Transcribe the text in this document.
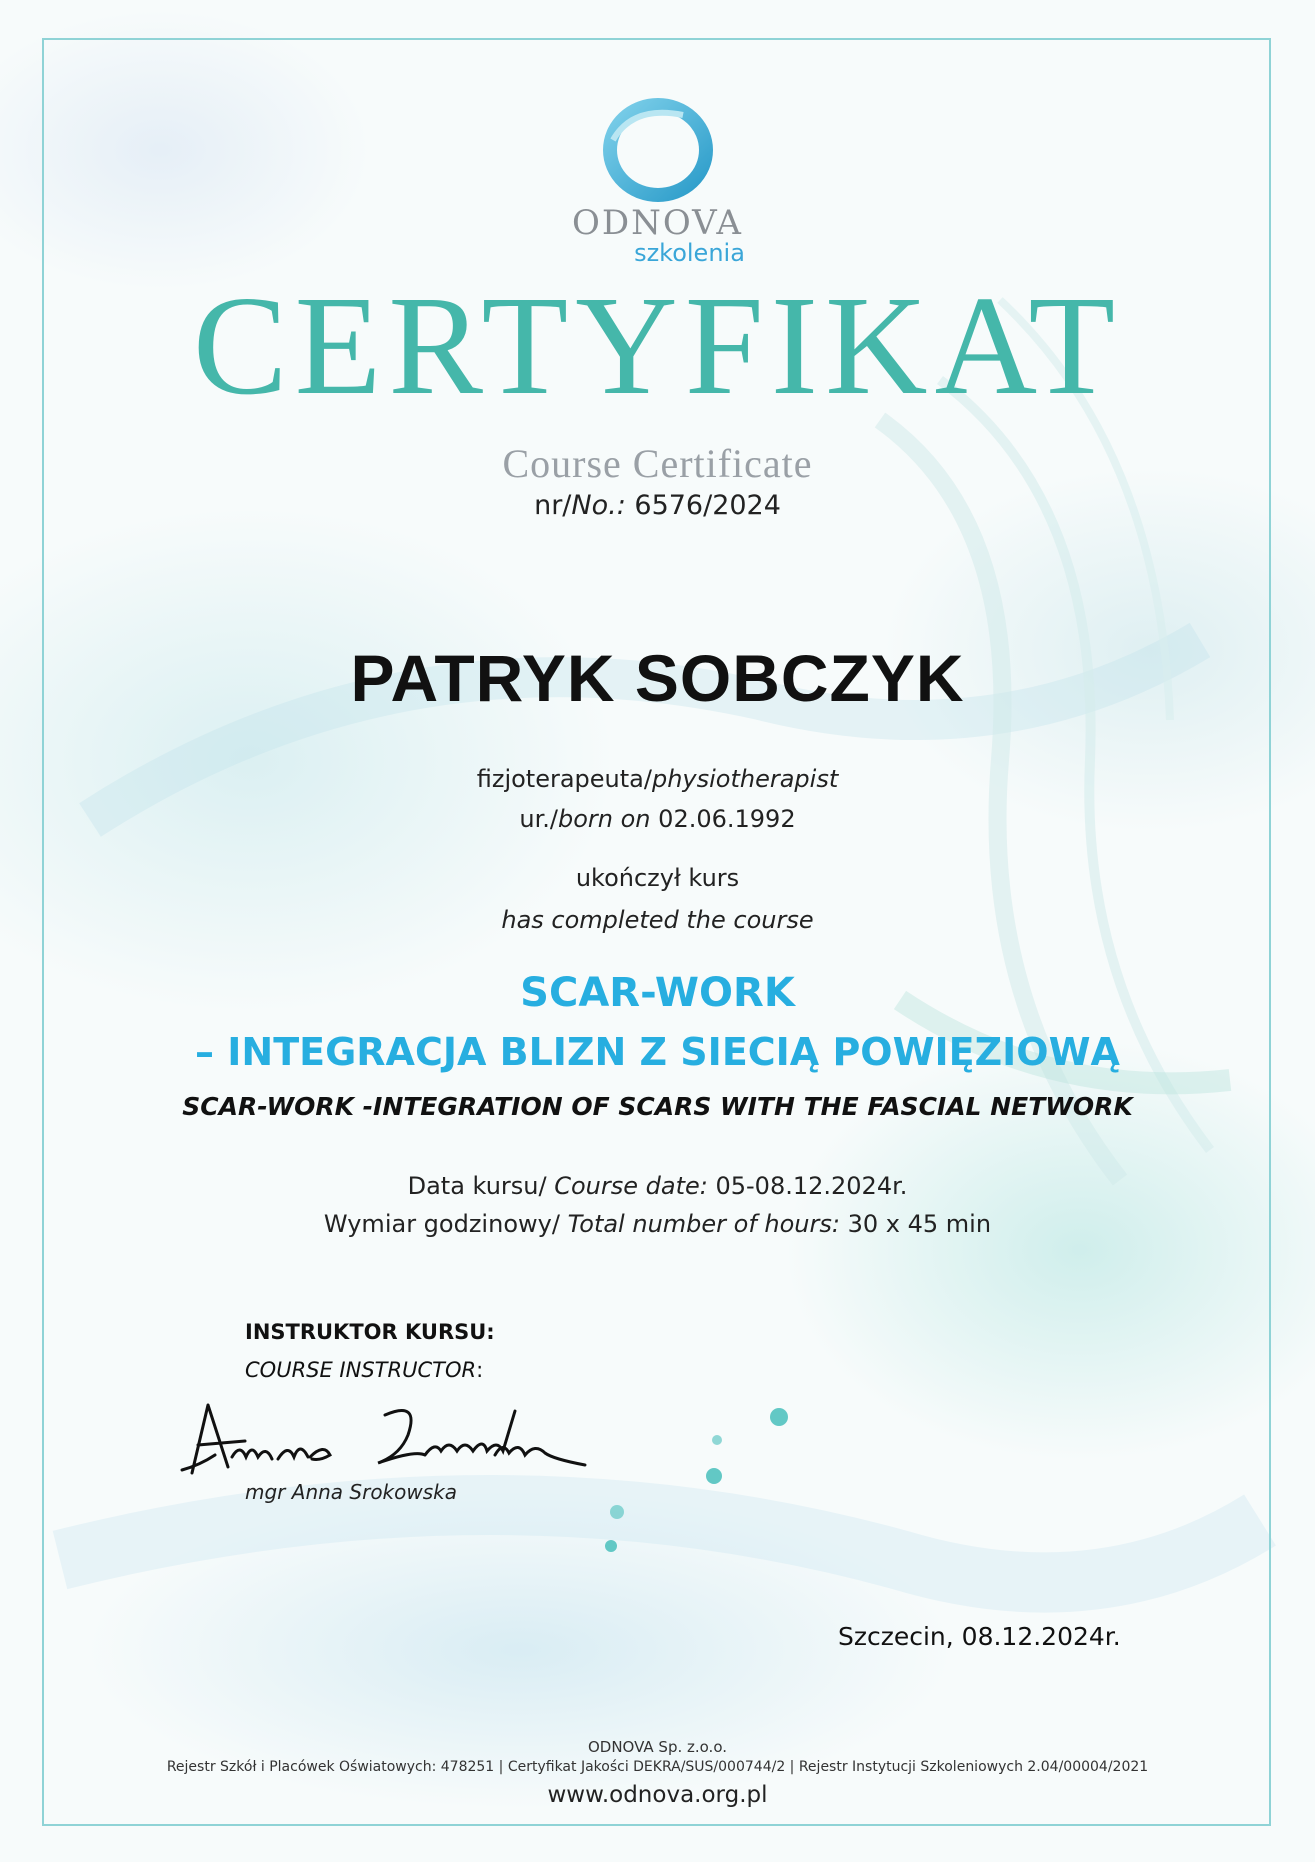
ODNOVA
szkolenia
CERTYFIKAT
Course Certificate
nr/No.: 6576/2024
PATRYK SOBCZYK
fizjoterapeuta/physiotherapist
ur./born on 02.06.1992
ukończył kurs
has completed the course
SCAR-WORK
– INTEGRACJA BLIZN Z SIECIĄ POWIĘZIOWĄ
SCAR-WORK -INTEGRATION OF SCARS WITH THE FASCIAL NETWORK
Data kursu/ Course date: 05-08.12.2024r.
Wymiar godzinowy/ Total number of hours: 30 x 45 min
INSTRUKTOR KURSU:
COURSE INSTRUCTOR:
mgr Anna Srokowska
Szczecin, 08.12.2024r.
ODNOVA Sp. z.o.o.
Rejestr Szkół i Placówek Oświatowych: 478251 | Certyfikat Jakości DEKRA/SUS/000744/2 | Rejestr Instytucji Szkoleniowych 2.04/00004/2021
www.odnova.org.pl
